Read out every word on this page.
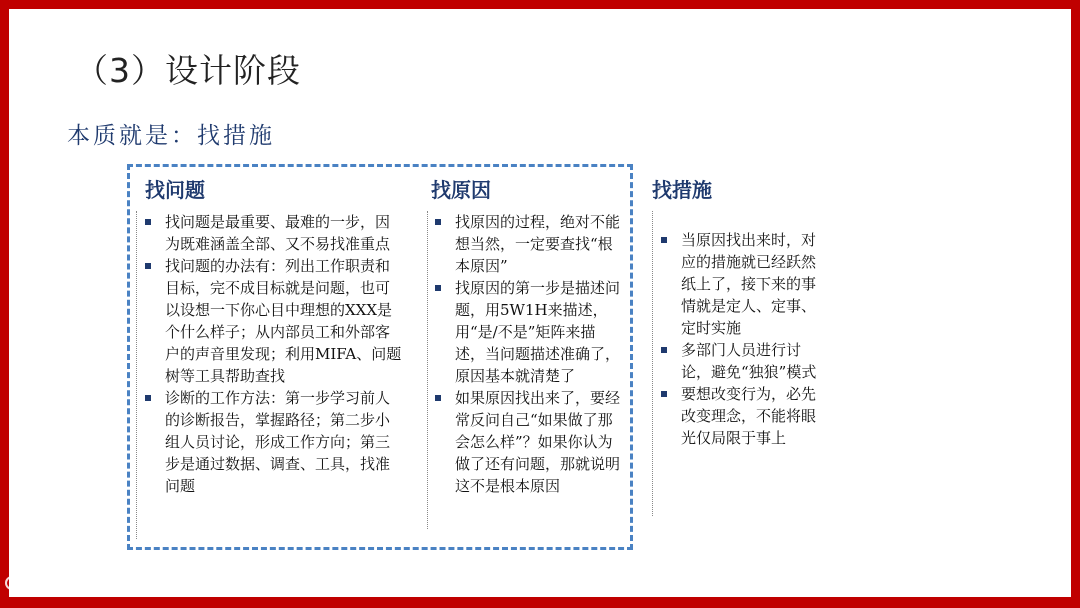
（3）设计阶段
本质就是：找措施
找问题
找问题是最重要、最难的一步，因为既难涵盖全部、又不易找准重点
找问题的办法有：列出工作职责和目标，完不成目标就是问题，也可以设想一下你心目中理想的XXX是个什么样子；从内部员工和外部客户的声音里发现；利用MIFA、问题树等工具帮助查找
诊断的工作方法：第一步学习前人的诊断报告，掌握路径；第二步小组人员讨论，形成工作方向；第三步是通过数据、调查、工具，找准问题
找原因
找原因的过程，绝对不能想当然，一定要查找“根本原因”
找原因的第一步是描述问题，用5W1H来描述，用“是/不是”矩阵来描述，当问题描述准确了，原因基本就清楚了
如果原因找出来了，要经常反问自己“如果做了那会怎么样”？如果你认为做了还有问题，那就说明这不是根本原因
找措施
当原因找出来时，对应的措施就已经跃然纸上了，接下来的事情就是定人、定事、定时实施
多部门人员进行讨论，避免“独狼”模式
要想改变行为，必先改变理念，不能将眼光仅局限于事上
大数跨境
